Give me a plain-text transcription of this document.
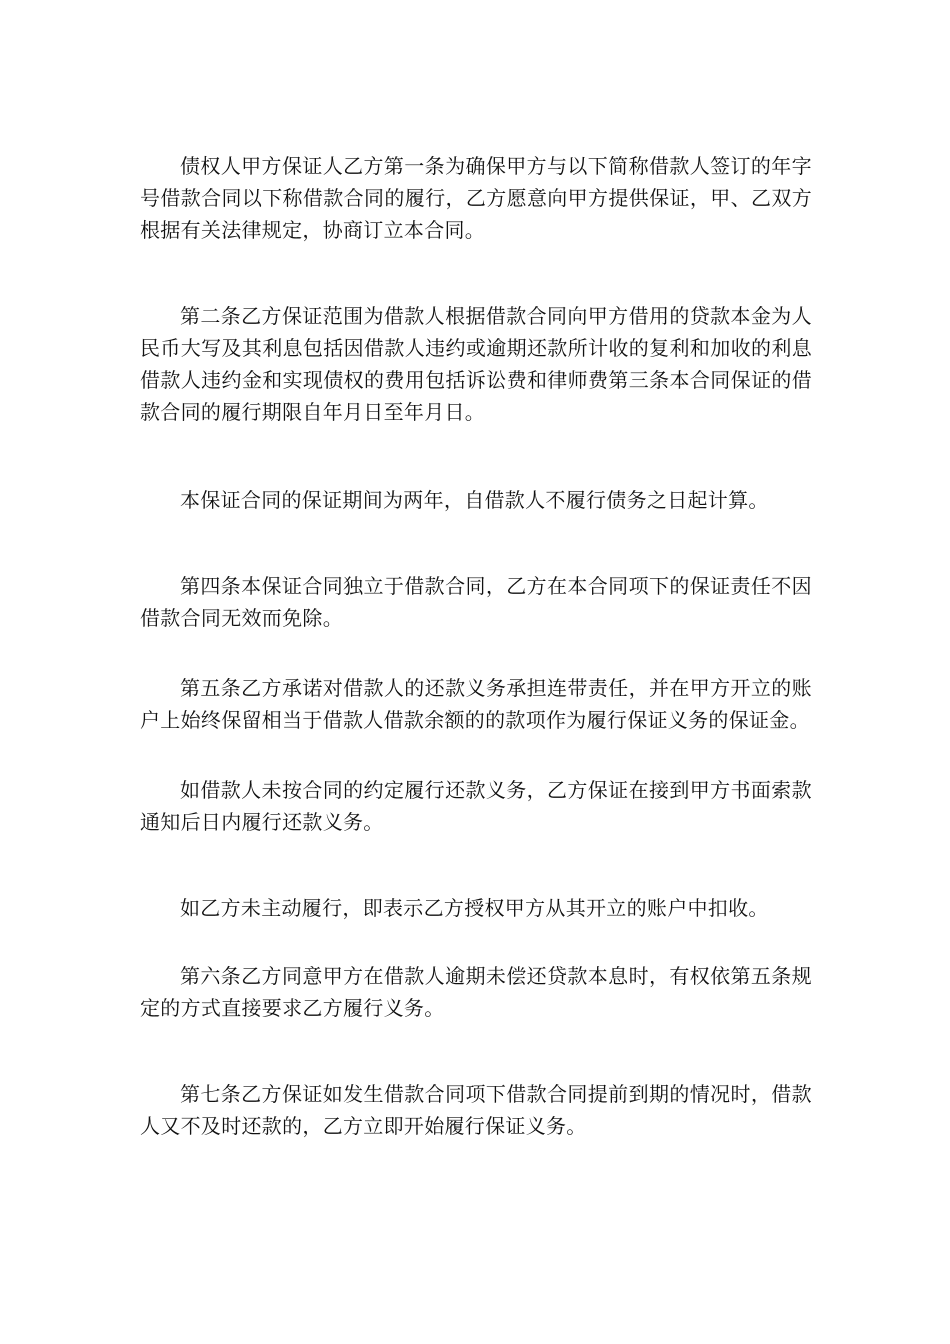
债权人甲方保证人乙方第一条为确保甲方与以下简称借款人签订的年字号借款合同以下称借款合同的履行，乙方愿意向甲方提供保证，甲、乙双方根据有关法律规定，协商订立本合同。

第二条乙方保证范围为借款人根据借款合同向甲方借用的贷款本金为人民币大写及其利息包括因借款人违约或逾期还款所计收的复利和加收的利息借款人违约金和实现债权的费用包括诉讼费和律师费第三条本合同保证的借款合同的履行期限自年月日至年月日。

本保证合同的保证期间为两年，自借款人不履行债务之日起计算。

第四条本保证合同独立于借款合同，乙方在本合同项下的保证责任不因借款合同无效而免除。

第五条乙方承诺对借款人的还款义务承担连带责任，并在甲方开立的账户上始终保留相当于借款人借款余额的的款项作为履行保证义务的保证金。

如借款人未按合同的约定履行还款义务，乙方保证在接到甲方书面索款通知后日内履行还款义务。

如乙方未主动履行，即表示乙方授权甲方从其开立的账户中扣收。

第六条乙方同意甲方在借款人逾期未偿还贷款本息时，有权依第五条规定的方式直接要求乙方履行义务。

第七条乙方保证如发生借款合同项下借款合同提前到期的情况时，借款人又不及时还款的，乙方立即开始履行保证义务。
